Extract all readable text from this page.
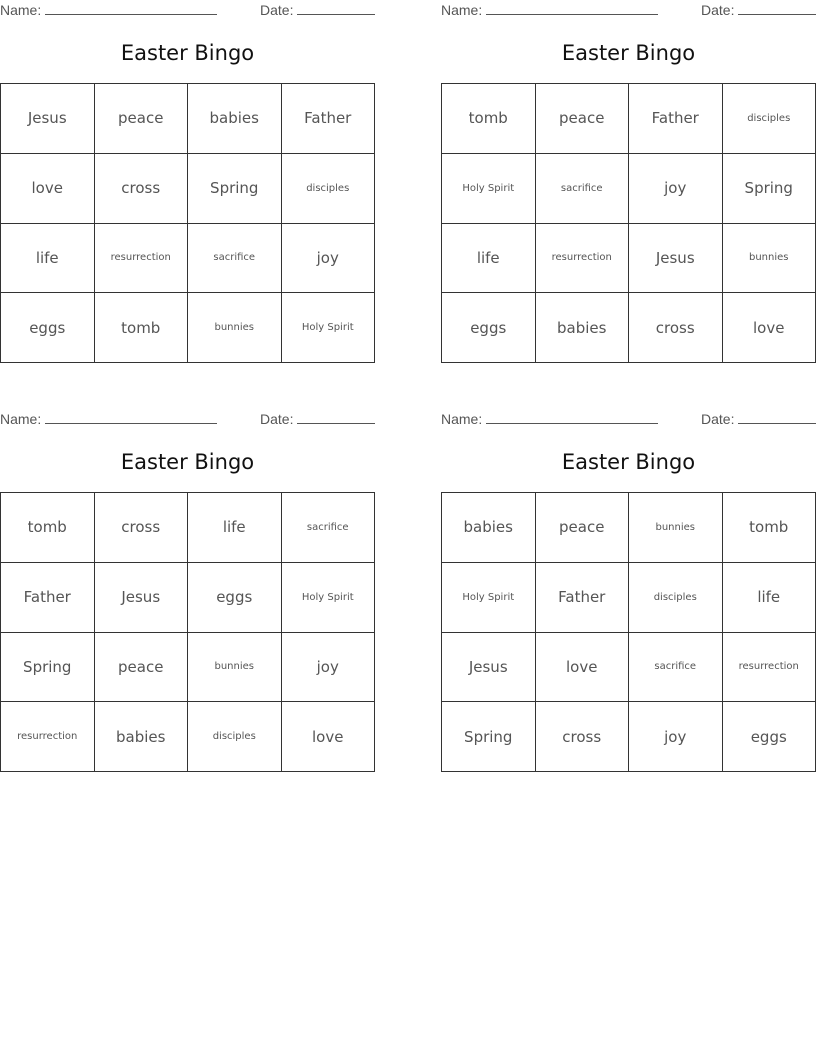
Name:	Date:
Easter Bingo
Jesus	peace	babies	Father
love	cross	Spring	disciples
life	resurrection	sacrifice	joy
eggs	tomb	bunnies	Holy Spirit
Name:	Date:
Easter Bingo
tomb	peace	Father	disciples
Holy Spirit	sacrifice	joy	Spring
life	resurrection	Jesus	bunnies
eggs	babies	cross	love
Name:	Date:
Easter Bingo
tomb	cross	life	sacrifice
Father	Jesus	eggs	Holy Spirit
Spring	peace	bunnies	joy
resurrection	babies	disciples	love
Name:	Date:
Easter Bingo
babies	peace	bunnies	tomb
Holy Spirit	Father	disciples	life
Jesus	love	sacrifice	resurrection
Spring	cross	joy	eggs
